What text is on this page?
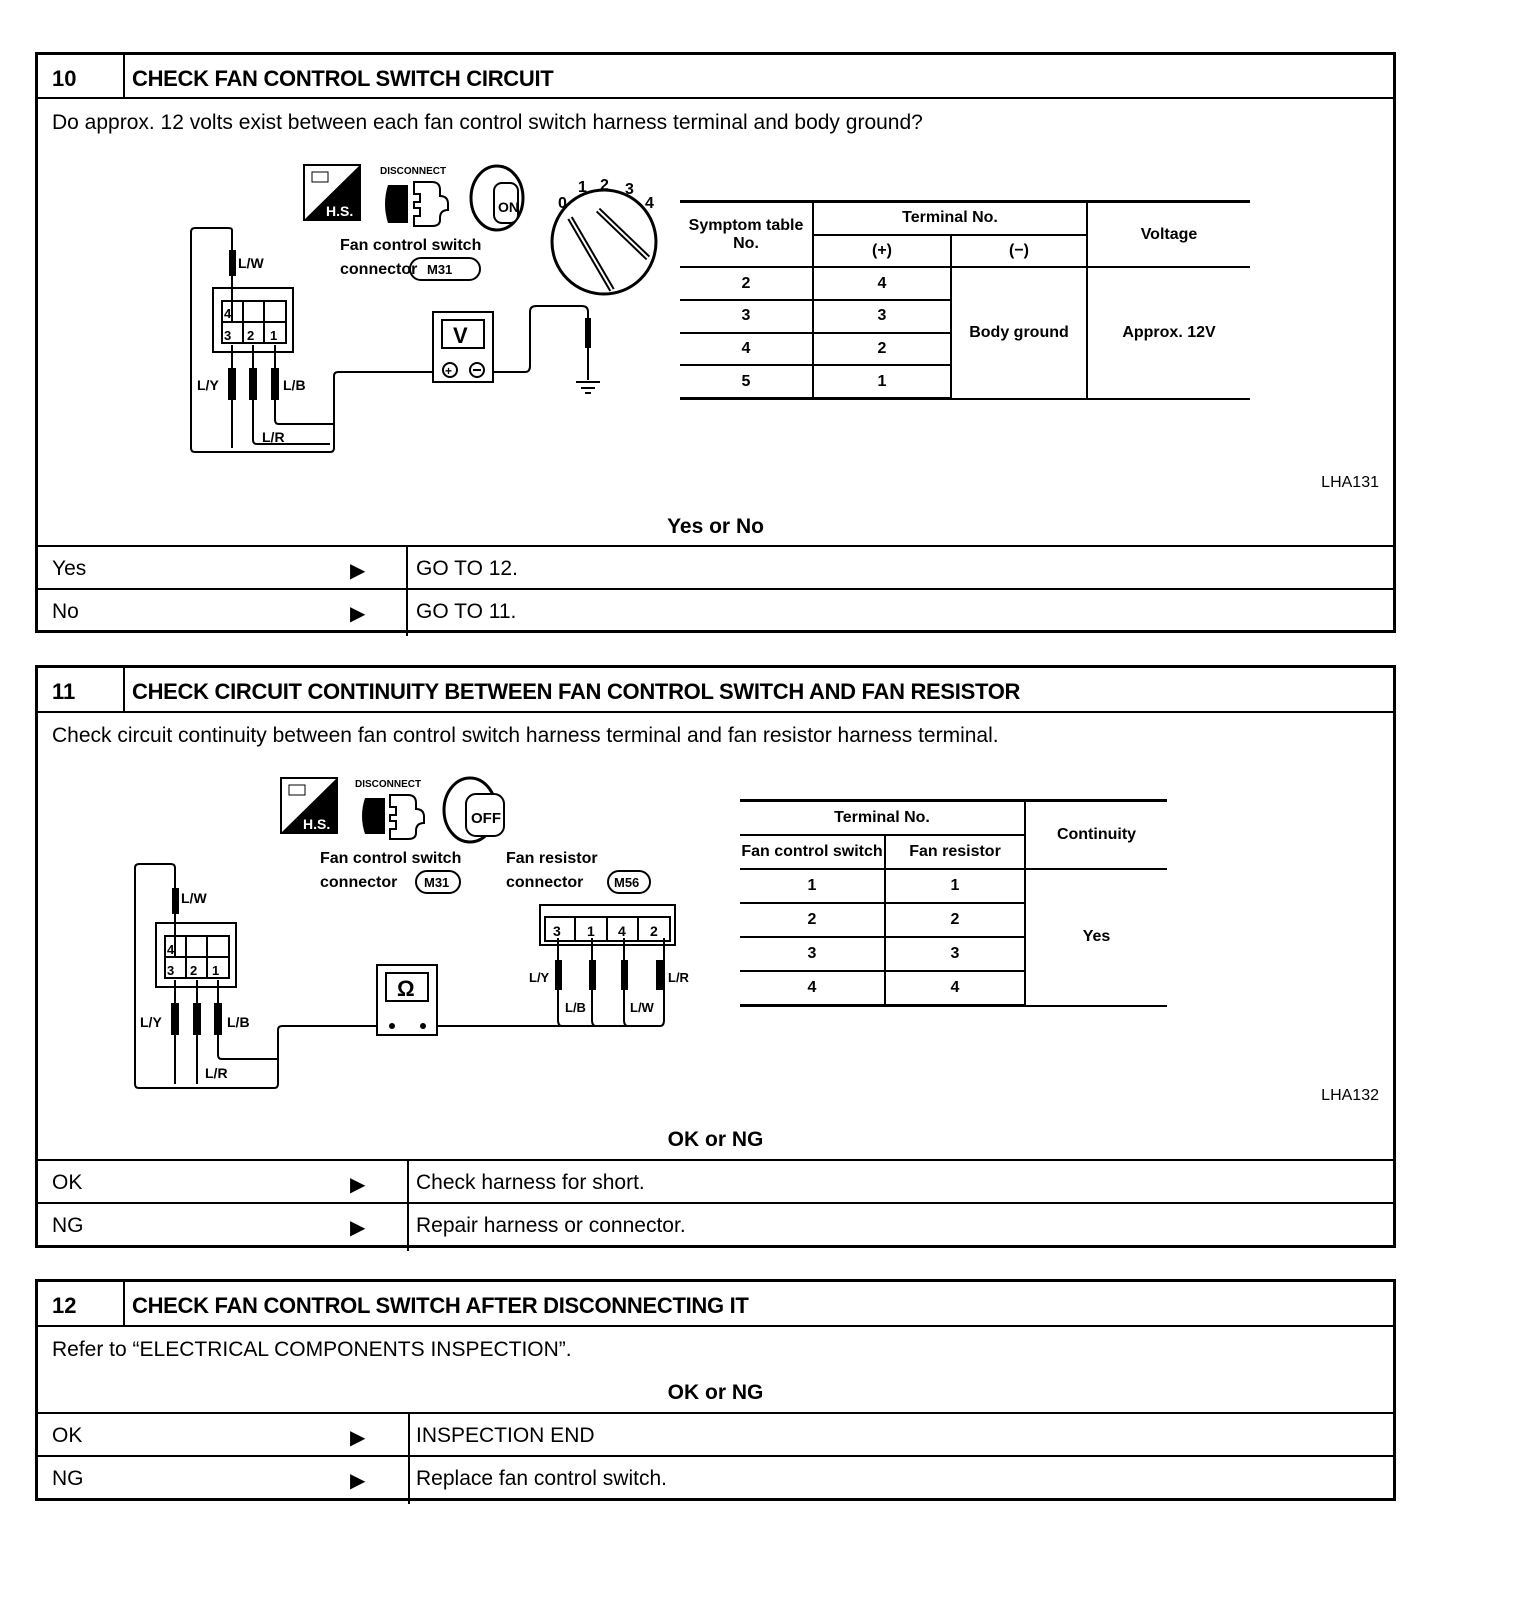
10	CHECK FAN CONTROL SWITCH CIRCUIT
Do approx. 12 volts exist between each fan control switch harness terminal and body ground?
H.S.
DISCONNECT
ON 0
1 2 3
4
Fan control switch
connector M31
4
3 2 1
L/W
L/Y	L/B
L/R
V
+
Symptom table No.	Terminal No.		Voltage
	(+)	(−)	
2	4	Body ground	Approx. 12V
3	3		
4	2		
5	1		
LHA131
Yes or No
Yes	▶ GO TO 12.
No	▶ GO TO 11.
11	CHECK CIRCUIT CONTINUITY BETWEEN FAN CONTROL SWITCH AND FAN RESISTOR
Check circuit continuity between fan control switch harness terminal and fan resistor harness terminal.
H.S.
DISCONNECT
OFF
Fan control switch
connector M31
Fan resistor
connector M56
4
3 2 1
3 1 4 2
L/W
L/Y	L/B
L/R
L/Y
L/B	L/W
L/R
Ω
Terminal No.		Continuity
Fan control switch	Fan resistor	
1	1	Yes
2	2	
3	3	
4	4	
LHA132
OK or NG
OK	▶ Check harness for short.
NG	▶ Repair harness or connector.
12	CHECK FAN CONTROL SWITCH AFTER DISCONNECTING IT
Refer to “ELECTRICAL COMPONENTS INSPECTION”.
OK or NG
OK	▶ INSPECTION END
NG	▶ Replace fan control switch.
